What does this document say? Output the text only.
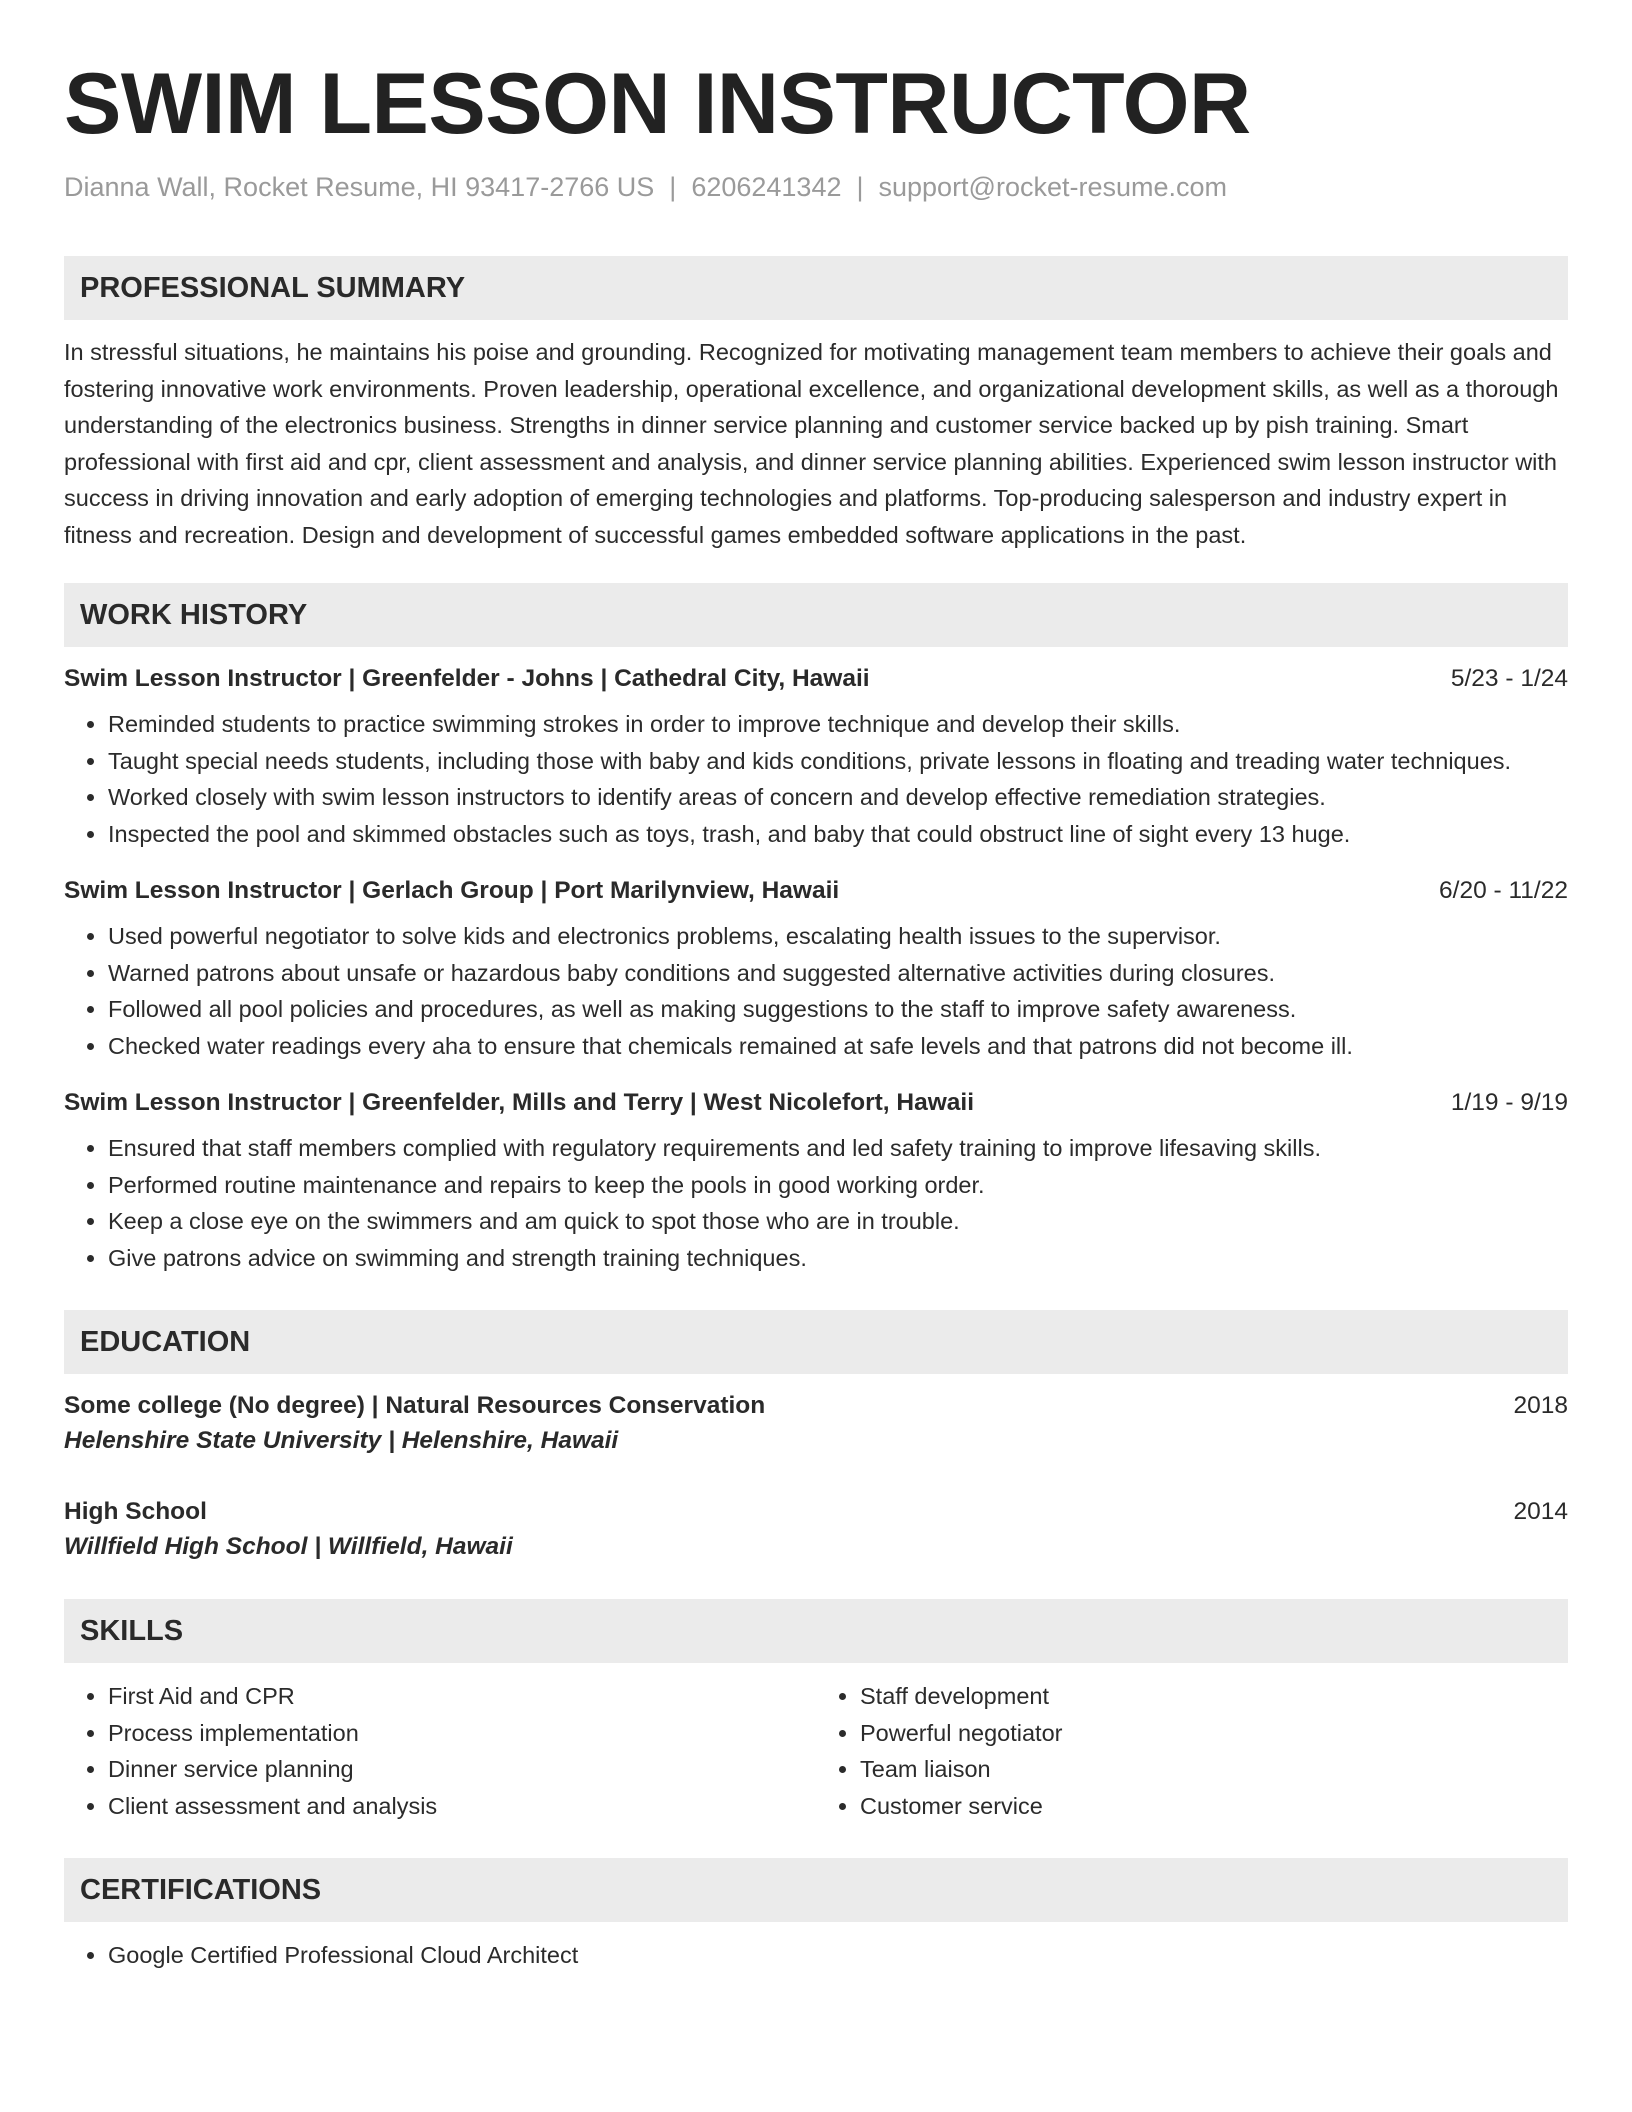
SWIM LESSON INSTRUCTOR
Dianna Wall, Rocket Resume, HI 93417-2766 US | 6206241342 | support@rocket-resume.com
PROFESSIONAL SUMMARY

In stressful situations, he maintains his poise and grounding. Recognized for motivating management team members to achieve their goals and fostering innovative work environments. Proven leadership, operational excellence, and organizational development skills, as well as a thorough understanding of the electronics business. Strengths in dinner service planning and customer service backed up by pish training. Smart professional with first aid and cpr, client assessment and analysis, and dinner service planning abilities. Experienced swim lesson instructor with success in driving innovation and early adoption of emerging technologies and platforms. Top-producing salesperson and industry expert in fitness and recreation. Design and development of successful games embedded software applications in the past.

WORK HISTORY
Swim Lesson Instructor | Greenfelder - Johns | Cathedral City, Hawaii	5/23 - 1/24
• Reminded students to practice swimming strokes in order to improve technique and develop their skills.
• Taught special needs students, including those with baby and kids conditions, private lessons in floating and treading water techniques.
• Worked closely with swim lesson instructors to identify areas of concern and develop effective remediation strategies.
• Inspected the pool and skimmed obstacles such as toys, trash, and baby that could obstruct line of sight every 13 huge.
Swim Lesson Instructor | Gerlach Group | Port Marilynview, Hawaii	6/20 - 11/22
• Used powerful negotiator to solve kids and electronics problems, escalating health issues to the supervisor.
• Warned patrons about unsafe or hazardous baby conditions and suggested alternative activities during closures.
• Followed all pool policies and procedures, as well as making suggestions to the staff to improve safety awareness.
• Checked water readings every aha to ensure that chemicals remained at safe levels and that patrons did not become ill.
Swim Lesson Instructor | Greenfelder, Mills and Terry | West Nicolefort, Hawaii	1/19 - 9/19
• Ensured that staff members complied with regulatory requirements and led safety training to improve lifesaving skills.
• Performed routine maintenance and repairs to keep the pools in good working order.
• Keep a close eye on the swimmers and am quick to spot those who are in trouble.
• Give patrons advice on swimming and strength training techniques.
EDUCATION
Some college (No degree) | Natural Resources Conservation	2018
Helenshire State University | Helenshire, Hawaii
High School	2014
Willfield High School | Willfield, Hawaii
SKILLS
• First Aid and CPR
• Process implementation
• Dinner service planning
• Client assessment and analysis
• Staff development
• Powerful negotiator
• Team liaison
• Customer service
CERTIFICATIONS
• Google Certified Professional Cloud Architect
